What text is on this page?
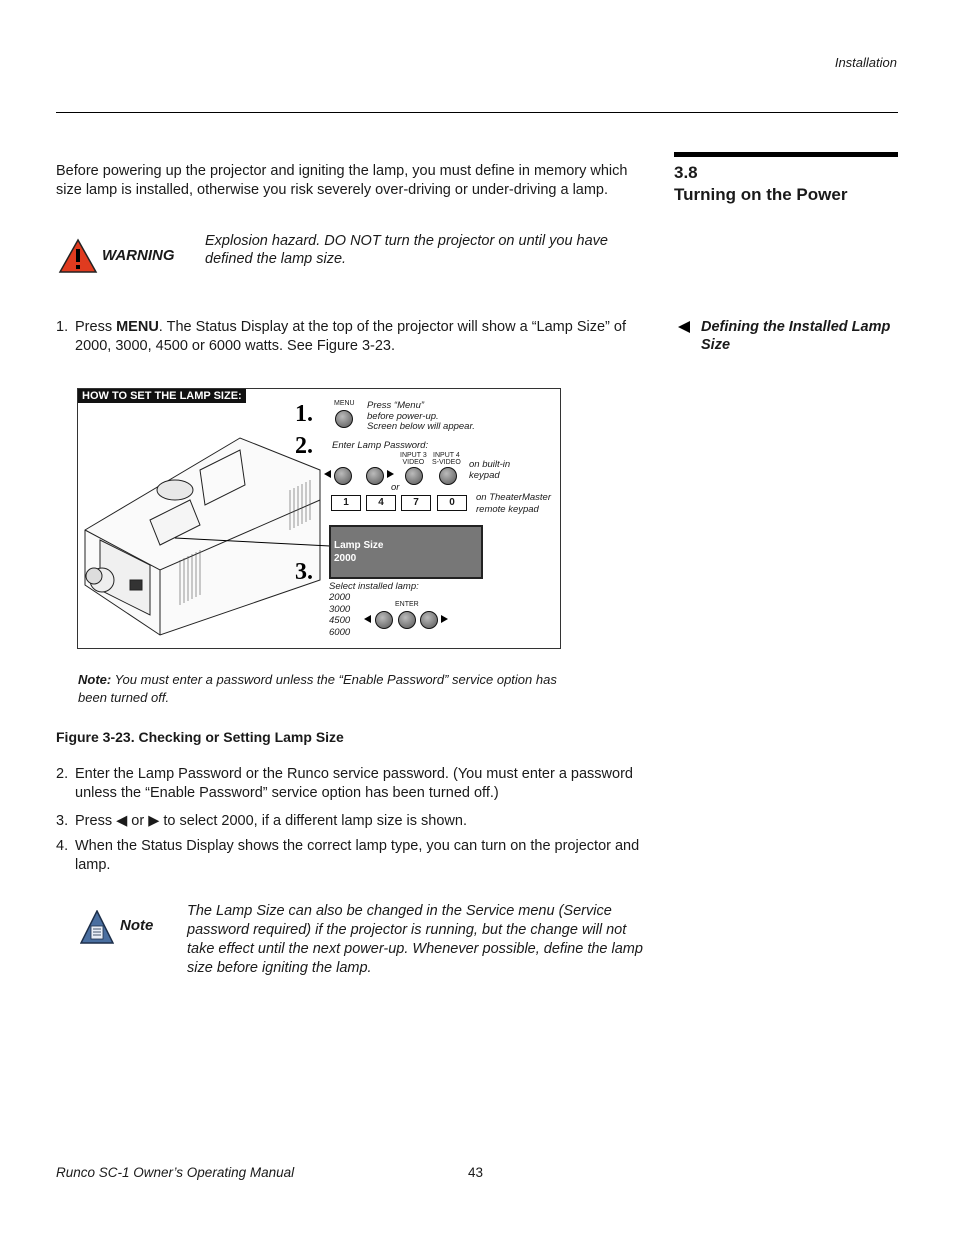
Installation
3.8
Turning on the Power
Before powering up the projector and igniting the lamp, you must define in memory which size lamp is installed, otherwise you risk severely over-driving or under-driving a lamp.
WARNING
Explosion hazard. DO NOT turn the projector on until you have defined the lamp size.
Defining the Installed Lamp Size
1. Press MENU. The Status Display at the top of the projector will show a “Lamp Size” of 2000, 3000, 4500 or 6000 watts. See Figure 3-23.
HOW TO SET THE LAMP SIZE:
1.
2.
3.
MENU Press “Menu”
before power-up.
Screen below will appear.
Enter Lamp Password:
INPUT 3
VIDEO
INPUT 4
S-VIDEO on built-in
keypad
or
1	4	7	0	on TheaterMaster
remote keypad
Lamp Size
2000
Select installed lamp:
2000
3000
4500
6000
ENTER
Note: You must enter a password unless the “Enable Password” service option has been turned off.
Figure 3-23. Checking or Setting Lamp Size
2. Enter the Lamp Password or the Runco service password. (You must enter a password unless the “Enable Password” service option has been turned off.)
3. Press ◀ or ▶ to select 2000, if a different lamp size is shown.
4. When the Status Display shows the correct lamp type, you can turn on the projector and lamp.
Note
The Lamp Size can also be changed in the Service menu (Service password required) if the projector is running, but the change will not take effect until the next power-up. Whenever possible, define the lamp size before igniting the lamp.
Runco SC-1 Owner’s Operating Manual	43
